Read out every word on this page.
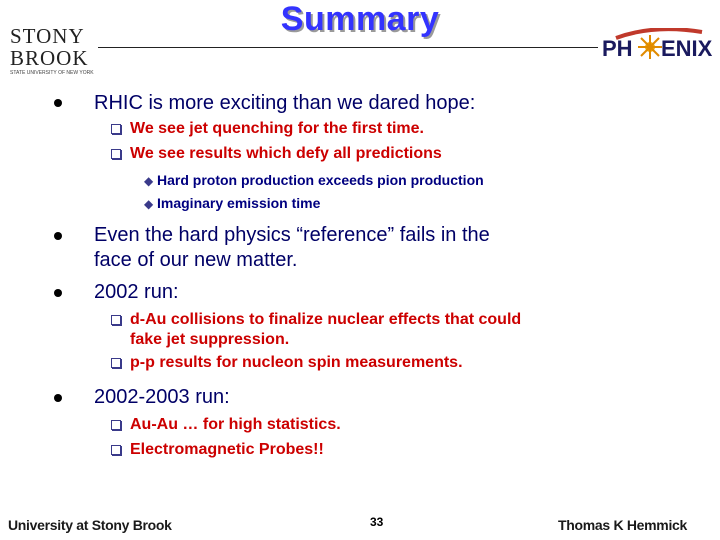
Summary
STONY
BROOK
STATE UNIVERSITY OF NEW YORK
PH ENIX
RHIC is more exciting than we dared hope:
We see jet quenching for the first time.
We see results which defy all predictions
◆ Hard proton production exceeds pion production
◆ Imaginary emission time
Even the hard physics “reference” fails in the
face of our new matter.
2002 run:
d-Au collisions to finalize nuclear effects that could
fake jet suppression.
p-p results for nucleon spin measurements.
2002-2003 run:
Au-Au … for high statistics.
Electromagnetic Probes!!
University at Stony Brook	33	Thomas K Hemmick
